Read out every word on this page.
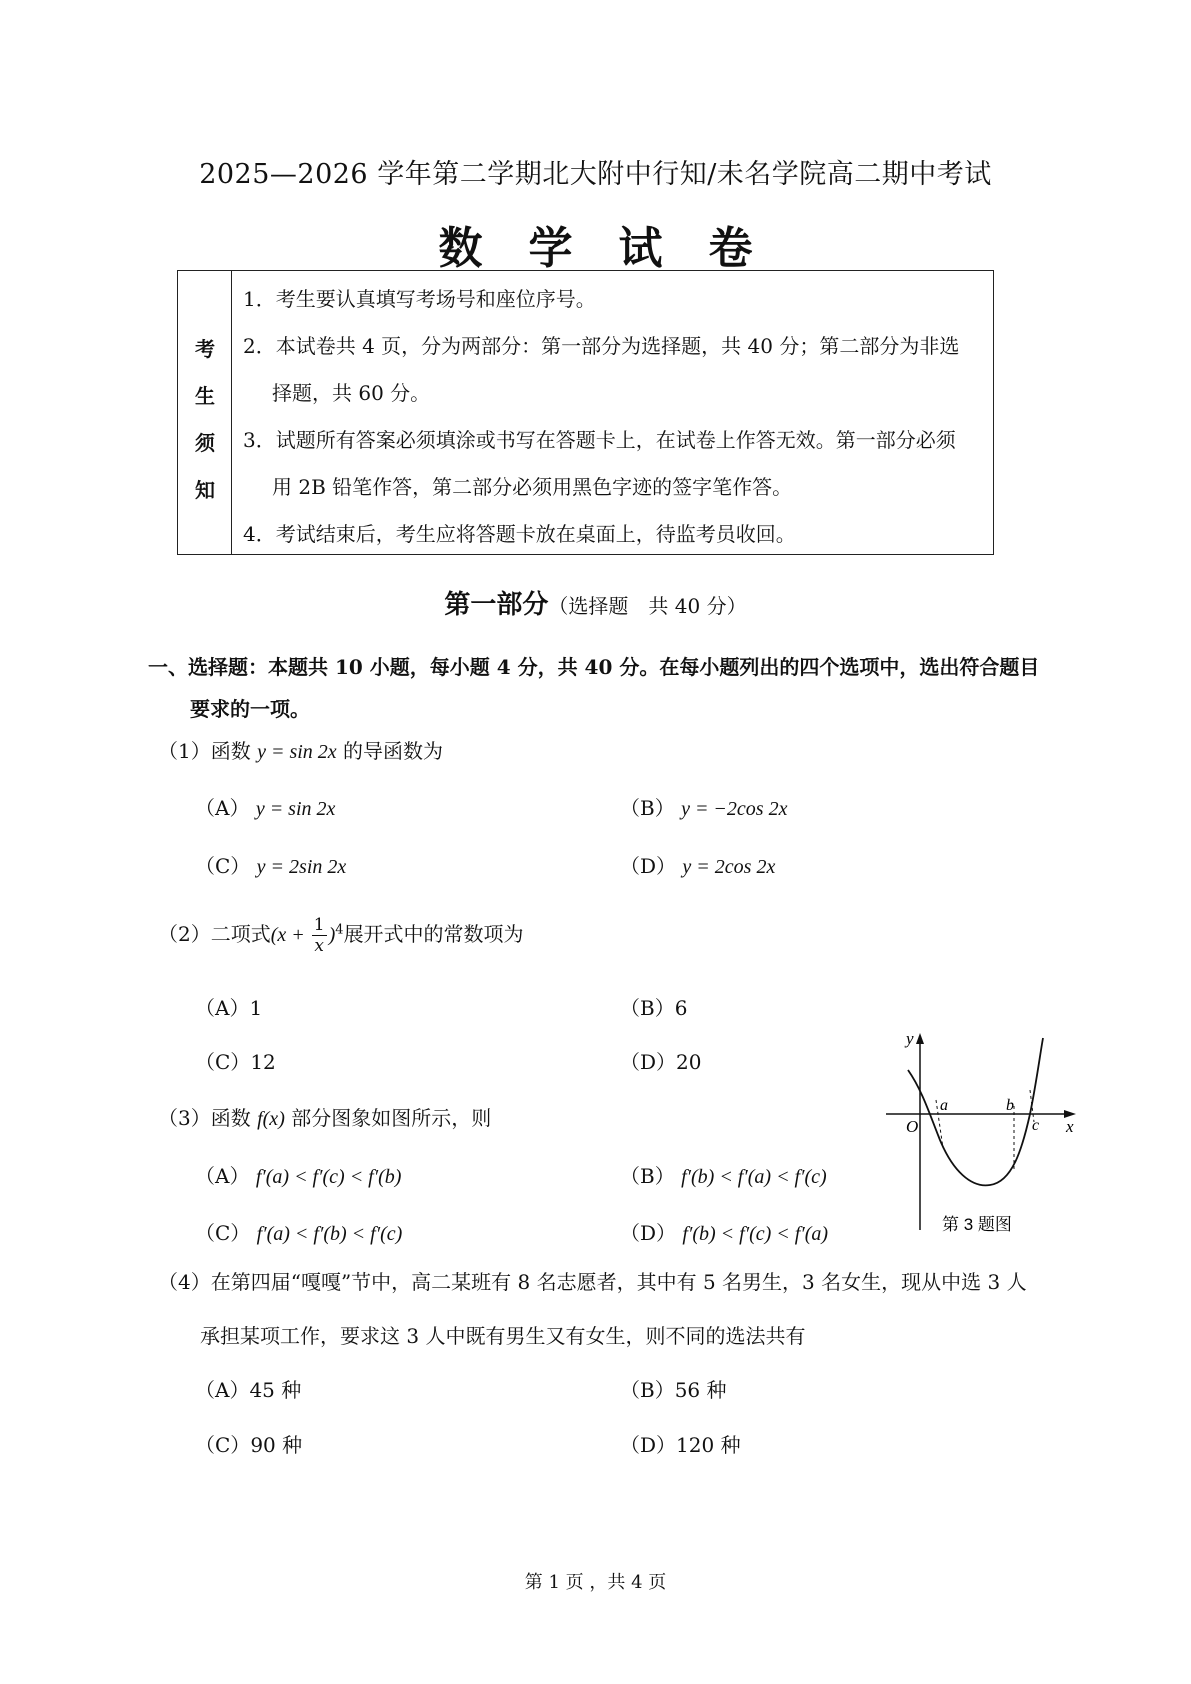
2025—2026 学年第二学期北大附中行知/未名学院高二期中考试
数学试卷
考
生
须
知
1．考生要认真填写考场号和座位序号。
2．本试卷共 4 页，分为两部分：第一部分为选择题，共 40 分；第二部分为非选
择题，共 60 分。
3．试题所有答案必须填涂或书写在答题卡上，在试卷上作答无效。第一部分必须
用 2B 铅笔作答，第二部分必须用黑色字迹的签字笔作答。
4．考试结束后，考生应将答题卡放在桌面上，待监考员收回。
第一部分（选择题　共 40 分）
一、选择题：本题共 10 小题，每小题 4 分，共 40 分。在每小题列出的四个选项中，选出符合题目
要求的一项。
（1）函数 y = sin 2x 的导函数为
（A） y = sin 2x	（B） y = −2cos 2x
（C） y = 2sin 2x	（D） y = 2cos 2x
（2）二项式$(x + \frac{1}{x} )^4$展开式中的常数项为
（A）1	（B）6
（C）12	（D）20
（3）函数 f(x) 部分图象如图所示，则
（A） f′(a) < f′(c) < f′(b)	（B） f′(b) < f′(a) < f′(c)
（C） f′(a) < f′(b) < f′(c)	（D） f′(b) < f′(c) < f′(a)
y
x
O
a	b
c
第 3 题图
（4）在第四届“嘎嘎”节中，高二某班有 8 名志愿者，其中有 5 名男生，3 名女生，现从中选 3 人
承担某项工作，要求这 3 人中既有男生又有女生，则不同的选法共有
（A）45 种	（B）56 种
（C）90 种	（D）120 种
第 1 页 ，共 4 页
